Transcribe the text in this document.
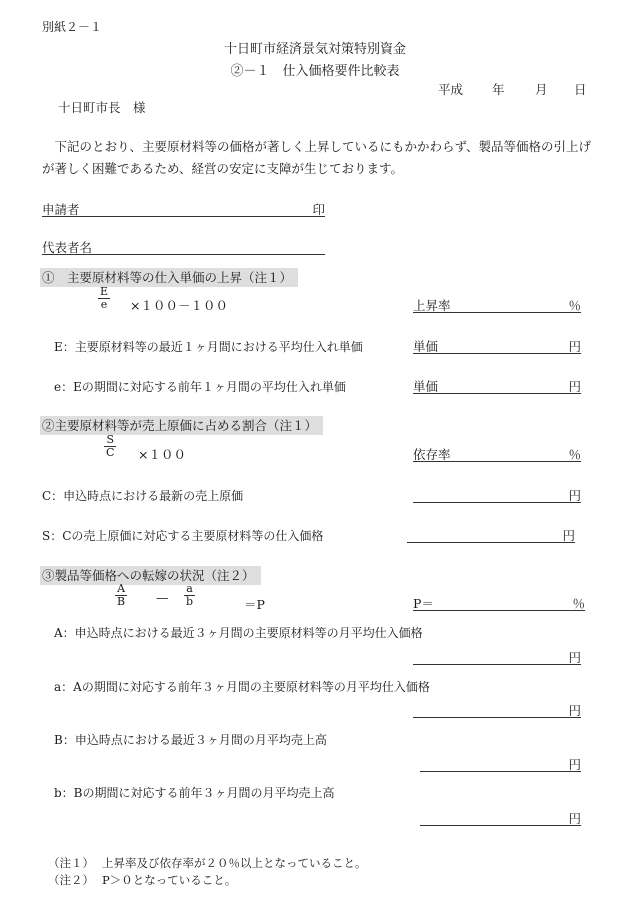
別紙２－１
十日町市経済景気対策特別資金
②－１　仕入価格要件比較表
平成 年 月 日
十日町市長　様
下記のとおり、主要原材料等の価格が著しく上昇しているにもかかわらず、製品等価格の引上げが著しく困難であるため、経営の安定に支障が生じております。
申請者	印
代表者名
①　主要原材料等の仕入単価の上昇（注１）
$\frac{E}{e} \times 100-100$	上昇率	％
E：主要原材料等の最近１ヶ月間における平均仕入れ単価	単価	円
e：Eの期間に対応する前年１ヶ月間の平均仕入れ単価	単価	円
②主要原材料等が売上原価に占める割合（注１）
$\frac{S}{C} \times 100$	依存率	％
C：申込時点における最新の売上原価	円
S：Cの売上原価に対応する主要原材料等の仕入価格	円
③製品等価格への転嫁の状況（注２）
$\frac{A}{B}$ — $\frac{a}{b}$	＝P	P＝	％
A：申込時点における最近３ヶ月間の主要原材料等の月平均仕入価格
円
a：Aの期間に対応する前年３ヶ月間の主要原材料等の月平均仕入価格
円
B：申込時点における最近３ヶ月間の月平均売上高
円
b：Bの期間に対応する前年３ヶ月間の月平均売上高
円
（注１） 上昇率及び依存率が２０％以上となっていること。
（注２） P＞０となっていること。
